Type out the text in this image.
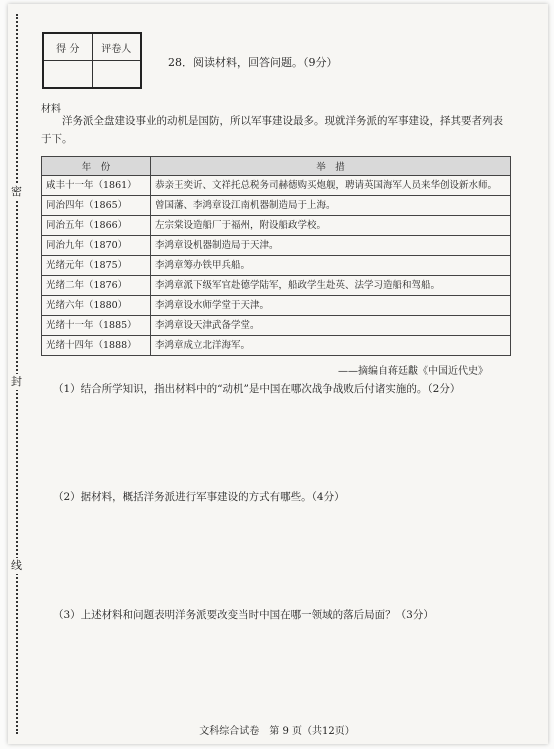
密
封
线
得 分	评卷人

28．阅读材料，回答问题。（9分）
材料
洋务派全盘建设事业的动机是国防，所以军事建设最多。现就洋务派的军事建设，择其要者列表于下。
年　份	举　措
咸丰十一年（1861）	恭亲王奕䜣、文祥托总税务司赫德购买炮舰，聘请英国海军人员来华创设新水师。
同治四年（1865）	曾国藩、李鸿章设江南机器制造局于上海。
同治五年（1866）	左宗棠设造船厂于福州，附设船政学校。
同治九年（1870）	李鸿章设机器制造局于天津。
光绪元年（1875）	李鸿章筹办铁甲兵船。
光绪二年（1876）	李鸿章派下级军官赴德学陆军，船政学生赴英、法学习造船和驾船。
光绪六年（1880）	李鸿章设水师学堂于天津。
光绪十一年（1885）	李鸿章设天津武备学堂。
光绪十四年（1888）	李鸿章成立北洋海军。
——摘编自蒋廷黻《中国近代史》
（1）结合所学知识，指出材料中的“动机”是中国在哪次战争战败后付诸实施的。（2分）
（2）据材料，概括洋务派进行军事建设的方式有哪些。（4分）
（3）上述材料和问题表明洋务派要改变当时中国在哪一领域的落后局面？（3分）
文科综合试卷　第 9 页（共12页）
